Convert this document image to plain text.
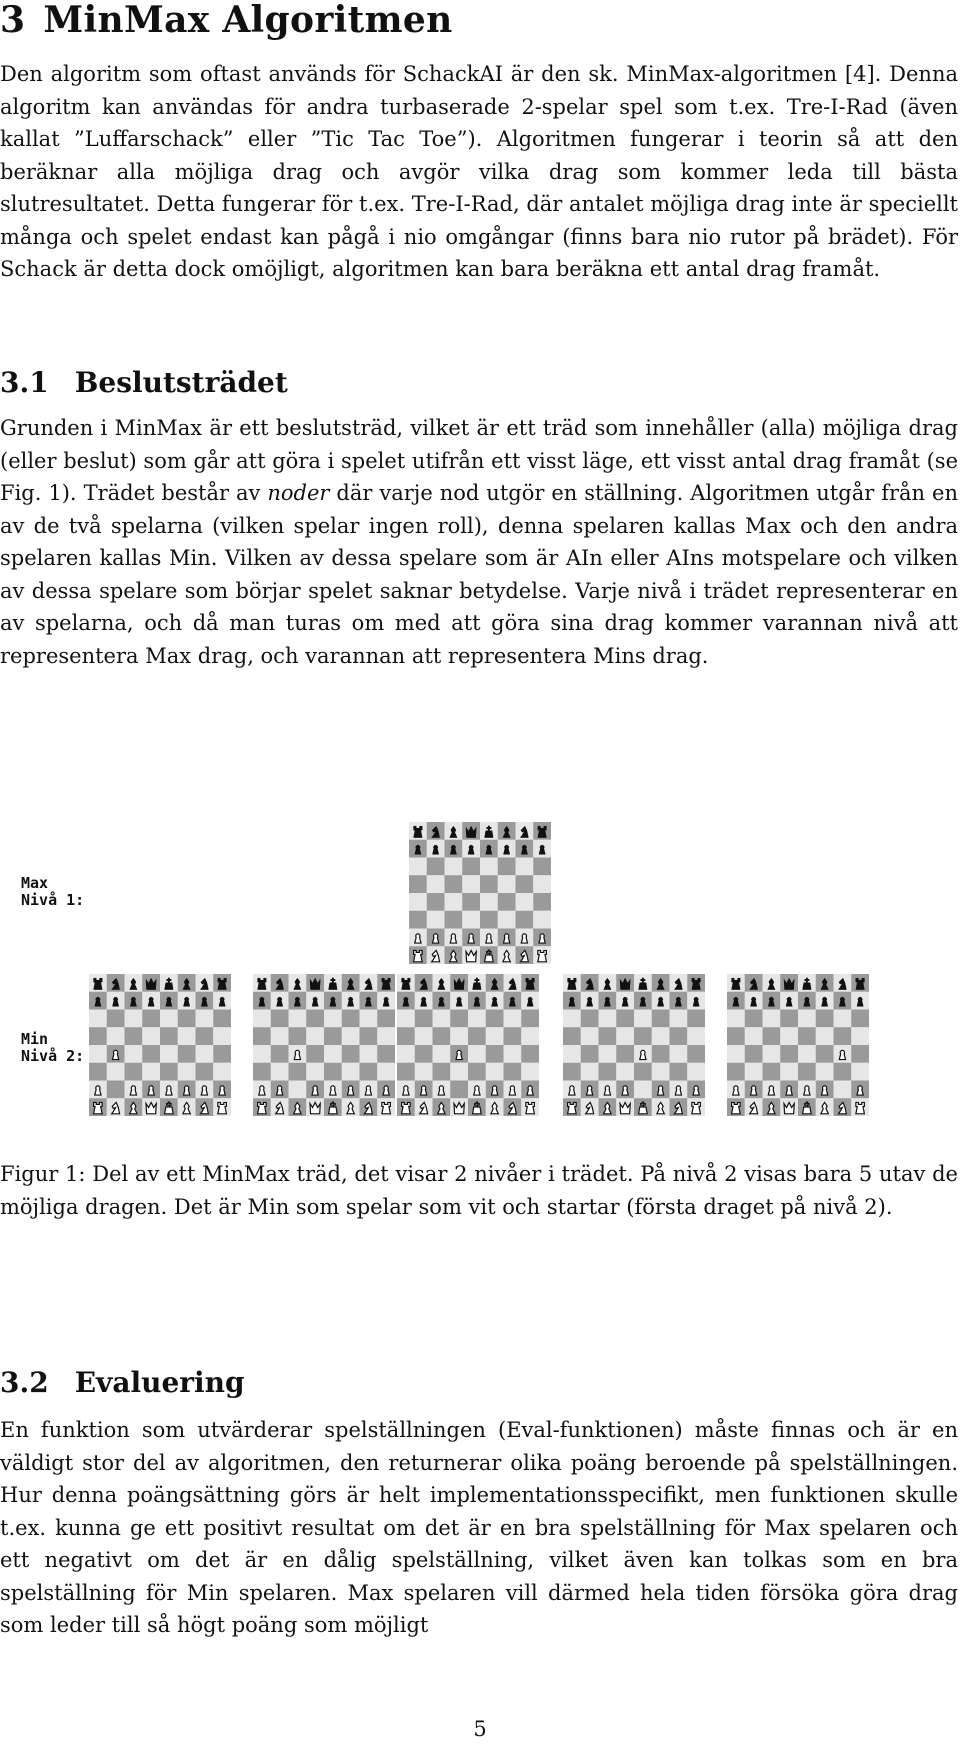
3 MinMax Algoritmen

Den algoritm som oftast används för SchackAI är den sk. MinMax-algoritmen [4]. Denna algoritm kan användas för andra turbaserade 2-spelar spel som t.ex. Tre-I-Rad (även kallat ”Luffarschack” eller ”Tic Tac Toe”). Algoritmen fungerar i teorin så att den beräknar alla möjliga drag och avgör vilka drag som kommer leda till bästa slutresultatet. Detta fungerar för t.ex. Tre-I-Rad, där antalet möjliga drag inte är speciellt många och spelet endast kan pågå i nio omgångar (finns bara nio rutor på brädet). För Schack är detta dock omöjligt, algoritmen kan bara beräkna ett antal drag framåt.

3.1 Beslutsträdet

Grunden i MinMax är ett beslutsträd, vilket är ett träd som innehåller (alla) möjliga drag (eller beslut) som går att göra i spelet utifrån ett visst läge, ett visst antal drag framåt (se Fig. 1). Trädet består av noder där varje nod utgör en ställning. Algoritmen utgår från en av de två spelarna (vilken spelar ingen roll), denna spelaren kallas Max och den andra spelaren kallas Min. Vilken av dessa spelare som är AIn eller AIns motspelare och vilken av dessa spelare som börjar spelet saknar betydelse. Varje nivå i trädet representerar en av spelarna, och då man turas om med att göra sina drag kommer varannan nivå att representera Max drag, och varannan att representera Mins drag.

Max
Nivå 1:
Min
Nivå 2:

Figur 1: Del av ett MinMax träd, det visar 2 nivåer i trädet. På nivå 2 visas bara 5 utav de möjliga dragen. Det är Min som spelar som vit och startar (första draget på nivå 2).

3.2 Evaluering

En funktion som utvärderar spelställningen (Eval-funktionen) måste finnas och är en väldigt stor del av algoritmen, den returnerar olika poäng beroende på spelställningen. Hur denna poängsättning görs är helt implementationsspecifikt, men funktionen skulle t.ex. kunna ge ett positivt resultat om det är en bra spelställning för Max spelaren och ett negativt om det är en dålig spelställning, vilket även kan tolkas som en bra spelställning för Min spelaren. Max spelaren vill därmed hela tiden försöka göra drag som leder till så högt poäng som möjligt

5
